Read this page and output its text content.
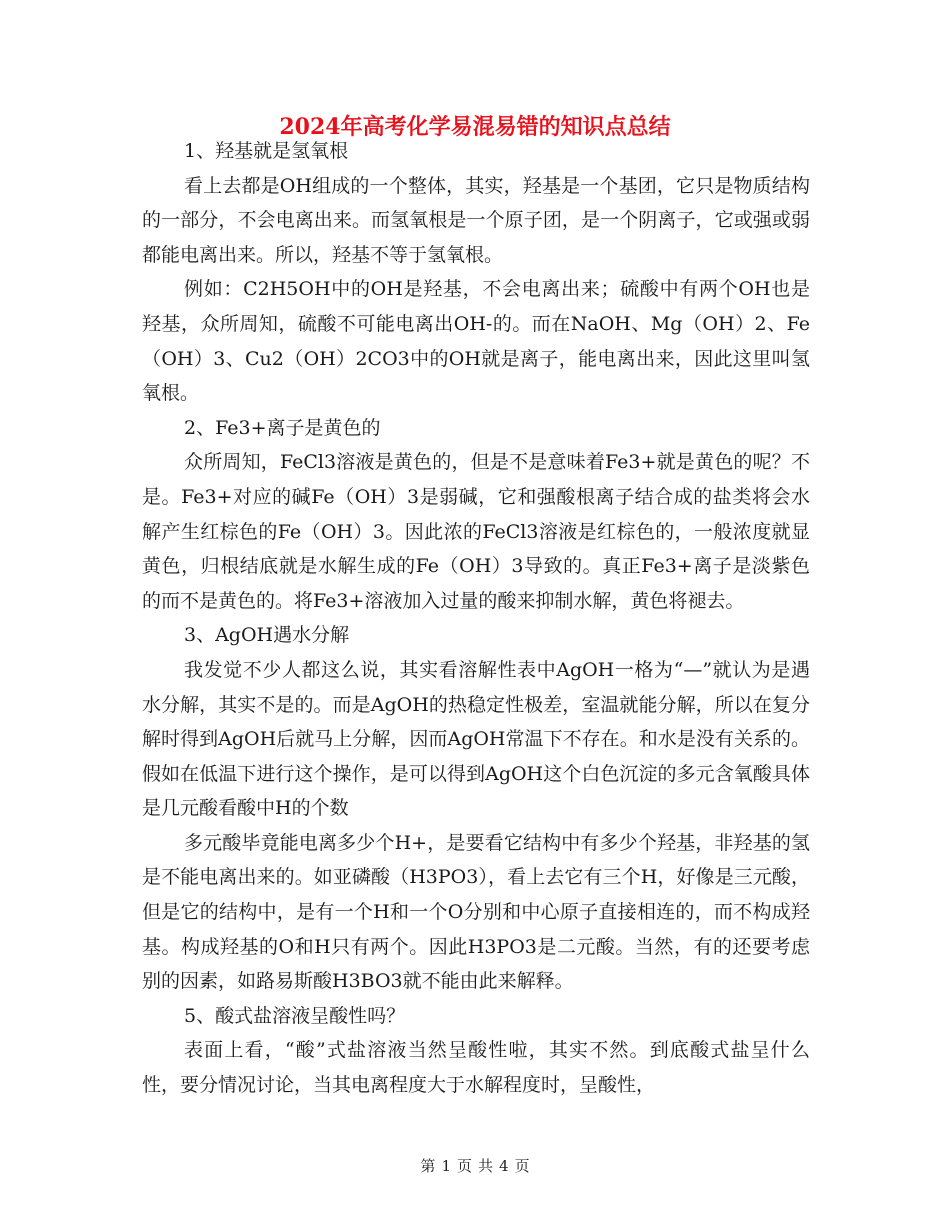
2024年高考化学易混易错的知识点总结

1、羟基就是氢氧根

看上去都是OH组成的一个整体，其实，羟基是一个基团，它只是物质结构的一部分，不会电离出来。而氢氧根是一个原子团，是一个阴离子，它或强或弱都能电离出来。所以，羟基不等于氢氧根。

例如：C2H5OH中的OH是羟基，不会电离出来；硫酸中有两个OH也是羟基，众所周知，硫酸不可能电离出OH-的。而在NaOH、Mg（OH）2、Fe（OH）3、Cu2（OH）2CO3中的OH就是离子，能电离出来，因此这里叫氢氧根。

2、Fe3+离子是黄色的

众所周知，FeCl3溶液是黄色的，但是不是意味着Fe3+就是黄色的呢？不是。Fe3+对应的碱Fe（OH）3是弱碱，它和强酸根离子结合成的盐类将会水解产生红棕色的Fe（OH）3。因此浓的FeCl3溶液是红棕色的，一般浓度就显黄色，归根结底就是水解生成的Fe（OH）3导致的。真正Fe3+离子是淡紫色的而不是黄色的。将Fe3+溶液加入过量的酸来抑制水解，黄色将褪去。

3、AgOH遇水分解

我发觉不少人都这么说，其实看溶解性表中AgOH一格为“—”就认为是遇水分解，其实不是的。而是AgOH的热稳定性极差，室温就能分解，所以在复分解时得到AgOH后就马上分解，因而AgOH常温下不存在。和水是没有关系的。假如在低温下进行这个操作，是可以得到AgOH这个白色沉淀的多元含氧酸具体是几元酸看酸中H的个数

多元酸毕竟能电离多少个H+，是要看它结构中有多少个羟基，非羟基的氢是不能电离出来的。如亚磷酸（H3PO3），看上去它有三个H，好像是三元酸，但是它的结构中，是有一个H和一个O分别和中心原子直接相连的，而不构成羟基。构成羟基的O和H只有两个。因此H3PO3是二元酸。当然，有的还要考虑别的因素，如路易斯酸H3BO3就不能由此来解释。

5、酸式盐溶液呈酸性吗？

表面上看，“酸”式盐溶液当然呈酸性啦，其实不然。到底酸式盐呈什么性，要分情况讨论，当其电离程度大于水解程度时，呈酸性，

第 1 页 共 4 页
